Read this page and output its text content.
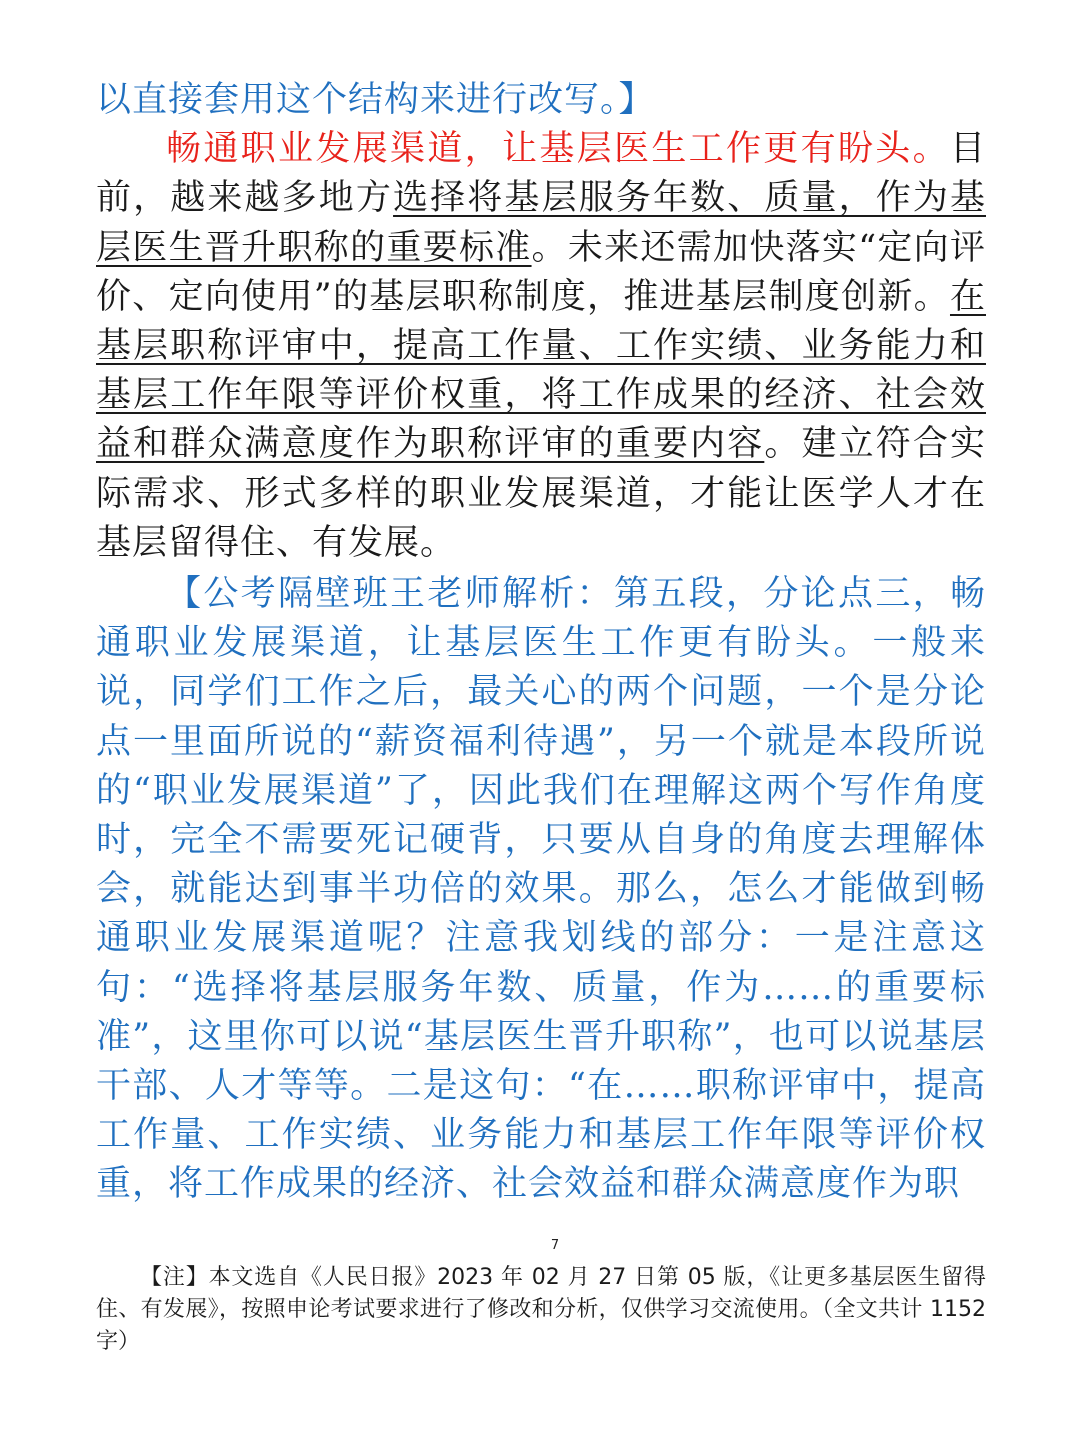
以直接套用这个结构来进行改写。】

畅通职业发展渠道，让基层医生工作更有盼头。目前，越来越多地方选择将基层服务年数、质量，作为基层医生晋升职称的重要标准。未来还需加快落实“定向评价、定向使用”的基层职称制度，推进基层制度创新。在基层职称评审中，提高工作量、工作实绩、业务能力和基层工作年限等评价权重，将工作成果的经济、社会效益和群众满意度作为职称评审的重要内容。建立符合实际需求、形式多样的职业发展渠道，才能让医学人才在基层留得住、有发展。

【公考隔壁班王老师解析：第五段，分论点三，畅通职业发展渠道，让基层医生工作更有盼头。一般来说，同学们工作之后，最关心的两个问题，一个是分论点一里面所说的“薪资福利待遇”，另一个就是本段所说的“职业发展渠道”了，因此我们在理解这两个写作角度时，完全不需要死记硬背，只要从自身的角度去理解体会，就能达到事半功倍的效果。那么，怎么才能做到畅通职业发展渠道呢？注意我划线的部分：一是注意这句：“选择将基层服务年数、质量，作为……的重要标准”，这里你可以说“基层医生晋升职称”，也可以说基层干部、人才等等。二是这句：“在……职称评审中，提高工作量、工作实绩、业务能力和基层工作年限等评价权重，将工作成果的经济、社会效益和群众满意度作为职

7
【注】本文选自《人民日报》2023 年 02 月 27 日第 05 版，《让更多基层医生留得住、有发展》，按照申论考试要求进行了修改和分析，仅供学习交流使用。（全文共计 1152 字）
